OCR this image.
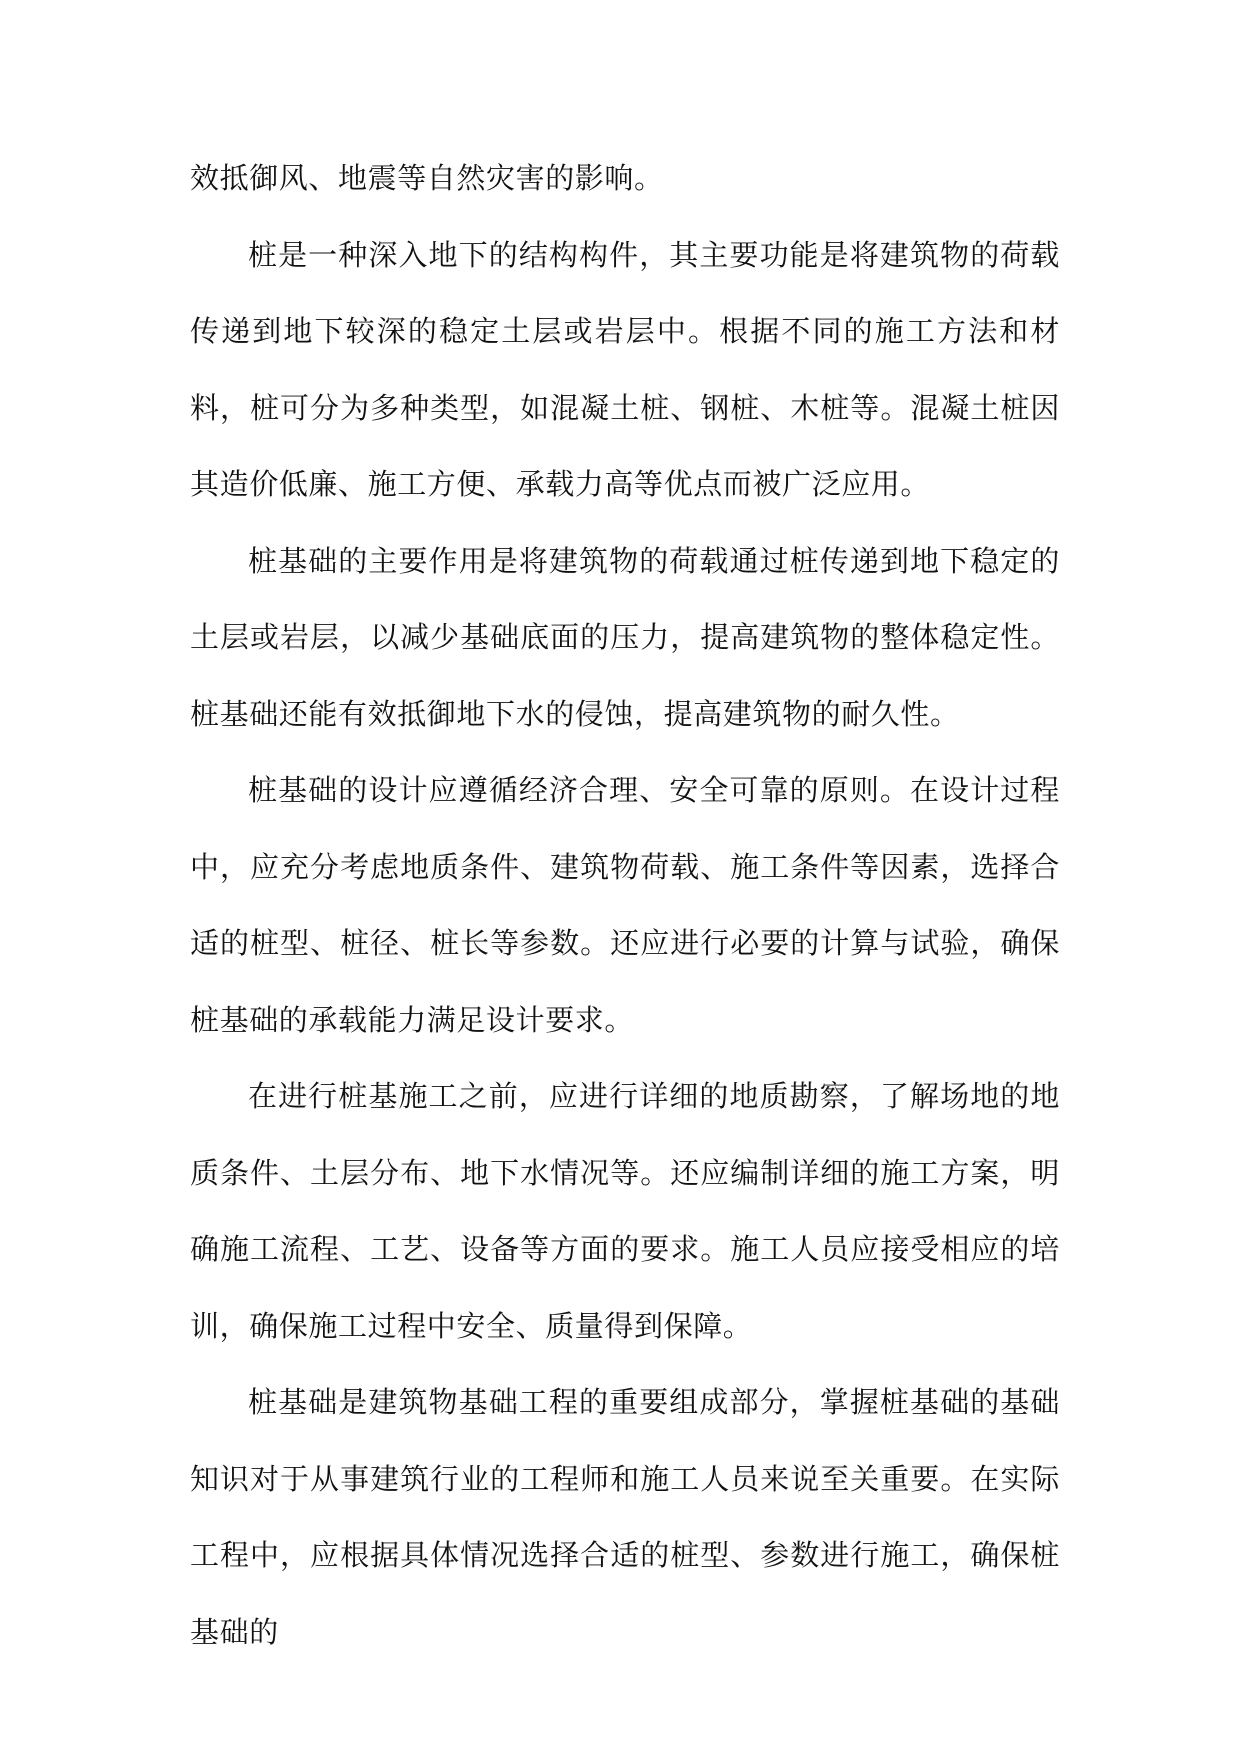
效抵御风、地震等自然灾害的影响。

桩是一种深入地下的结构构件，其主要功能是将建筑物的荷载传递到地下较深的稳定土层或岩层中。根据不同的施工方法和材料，桩可分为多种类型，如混凝土桩、钢桩、木桩等。混凝土桩因其造价低廉、施工方便、承载力高等优点而被广泛应用。

桩基础的主要作用是将建筑物的荷载通过桩传递到地下稳定的土层或岩层，以减少基础底面的压力，提高建筑物的整体稳定性。桩基础还能有效抵御地下水的侵蚀，提高建筑物的耐久性。

桩基础的设计应遵循经济合理、安全可靠的原则。在设计过程中，应充分考虑地质条件、建筑物荷载、施工条件等因素，选择合适的桩型、桩径、桩长等参数。还应进行必要的计算与试验，确保桩基础的承载能力满足设计要求。

在进行桩基施工之前，应进行详细的地质勘察，了解场地的地质条件、土层分布、地下水情况等。还应编制详细的施工方案，明确施工流程、工艺、设备等方面的要求。施工人员应接受相应的培训，确保施工过程中安全、质量得到保障。

桩基础是建筑物基础工程的重要组成部分，掌握桩基础的基础知识对于从事建筑行业的工程师和施工人员来说至关重要。在实际工程中，应根据具体情况选择合适的桩型、参数进行施工，确保桩基础的
